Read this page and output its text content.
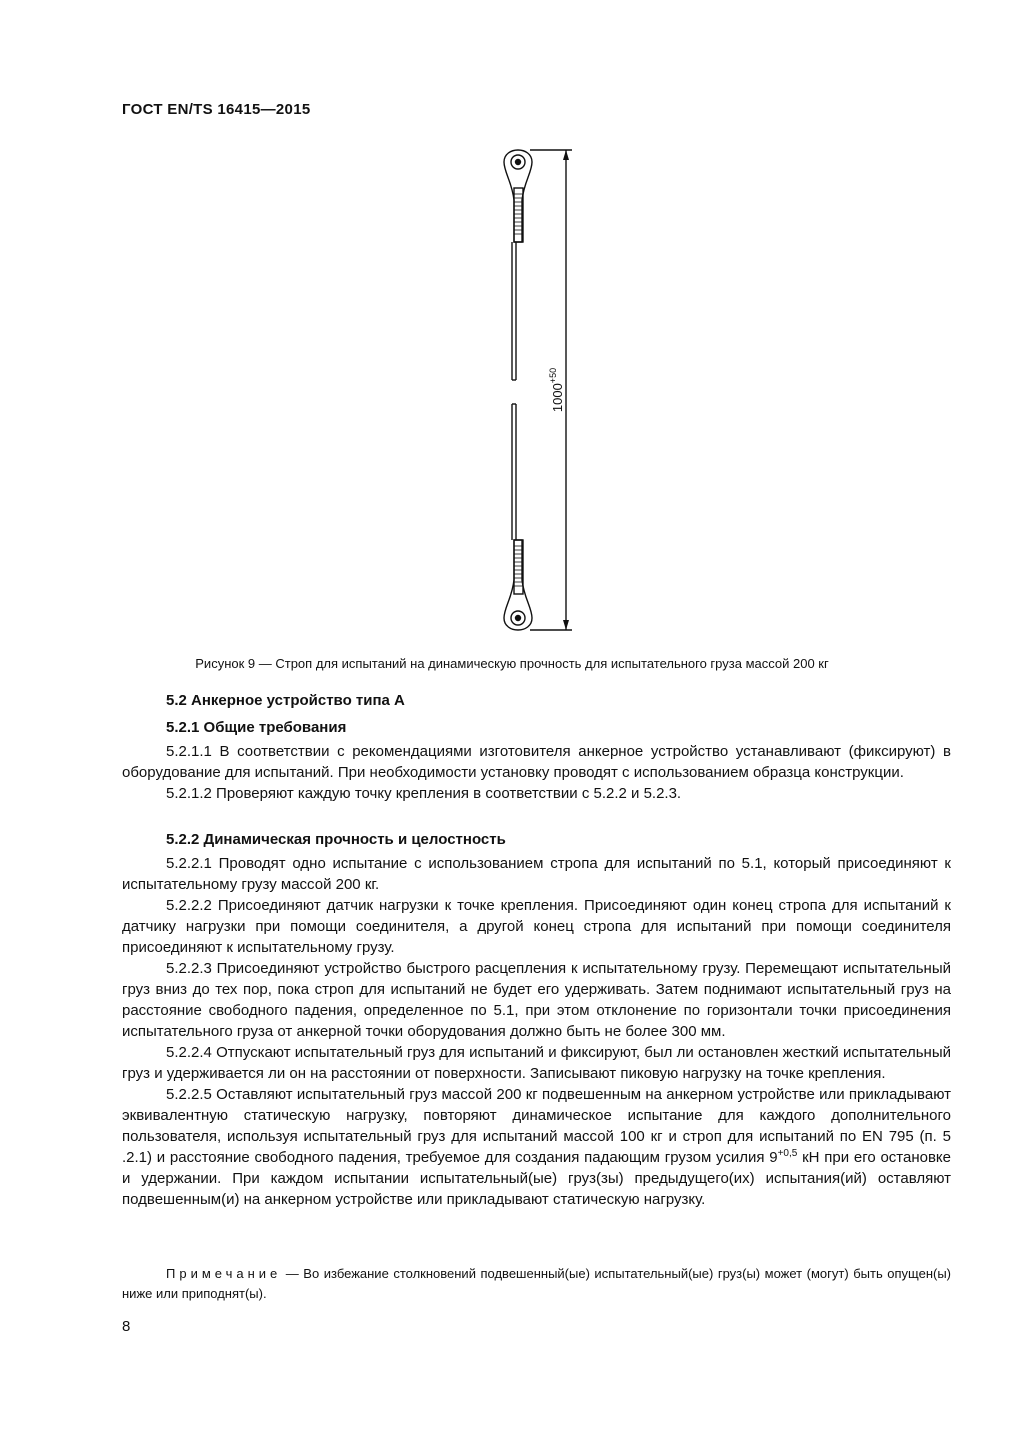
ГОСТ EN/TS 16415—2015
$1000^{+50}$
Рисунок 9 — Строп для испытаний на динамическую прочность для испытательного груза массой 200 кг
5.2 Анкерное устройство типа А
5.2.1 Общие требования
5.2.1.1 В соответствии с рекомендациями изготовителя анкерное устройство устанавливают (фиксируют) в оборудование для испытаний. При необходимости установку проводят с использованием образца конструкции.
5.2.1.2 Проверяют каждую точку крепления в соответствии с 5.2.2 и 5.2.3.
5.2.2 Динамическая прочность и целостность
5.2.2.1 Проводят одно испытание с использованием стропа для испытаний по 5.1, который присоединяют к испытательному грузу массой 200 кг.
5.2.2.2 Присоединяют датчик нагрузки к точке крепления. Присоединяют один конец стропа для испытаний к датчику нагрузки при помощи соединителя, а другой конец стропа для испытаний при помощи соединителя присоединяют к испытательному грузу.
5.2.2.3 Присоединяют устройство быстрого расцепления к испытательному грузу. Перемещают испытательный груз вниз до тех пор, пока строп для испытаний не будет его удерживать. Затем поднимают испытательный груз на расстояние свободного падения, определенное по 5.1, при этом отклонение по горизонтали точки присоединения испытательного груза от анкерной точки оборудования должно быть не более 300 мм.
5.2.2.4 Отпускают испытательный груз для испытаний и фиксируют, был ли остановлен жесткий испытательный груз и удерживается ли он на расстоянии от поверхности. Записывают пиковую нагрузку на точке крепления.
5.2.2.5 Оставляют испытательный груз массой 200 кг подвешенным на анкерном устройстве или прикладывают эквивалентную статическую нагрузку, повторяют динамическое испытание для каждого дополнительного пользователя, используя испытательный груз для испытаний массой 100 кг и строп для испытаний по EN 795 (п. 5 .2.1) и расстояние свободного падения, требуемое для создания падающим грузом усилия $9^{+0,5}$ кН при его остановке и удержании. При каждом испытании испытательный(ые) груз(зы) предыдущего(их) испытания(ий) оставляют подвешенным(и) на анкерном устройстве или прикладывают статическую нагрузку.
Примечание — Во избежание столкновений подвешенный(ые) испытательный(ые) груз(ы) может (могут) быть опущен(ы) ниже или приподнят(ы).
8
